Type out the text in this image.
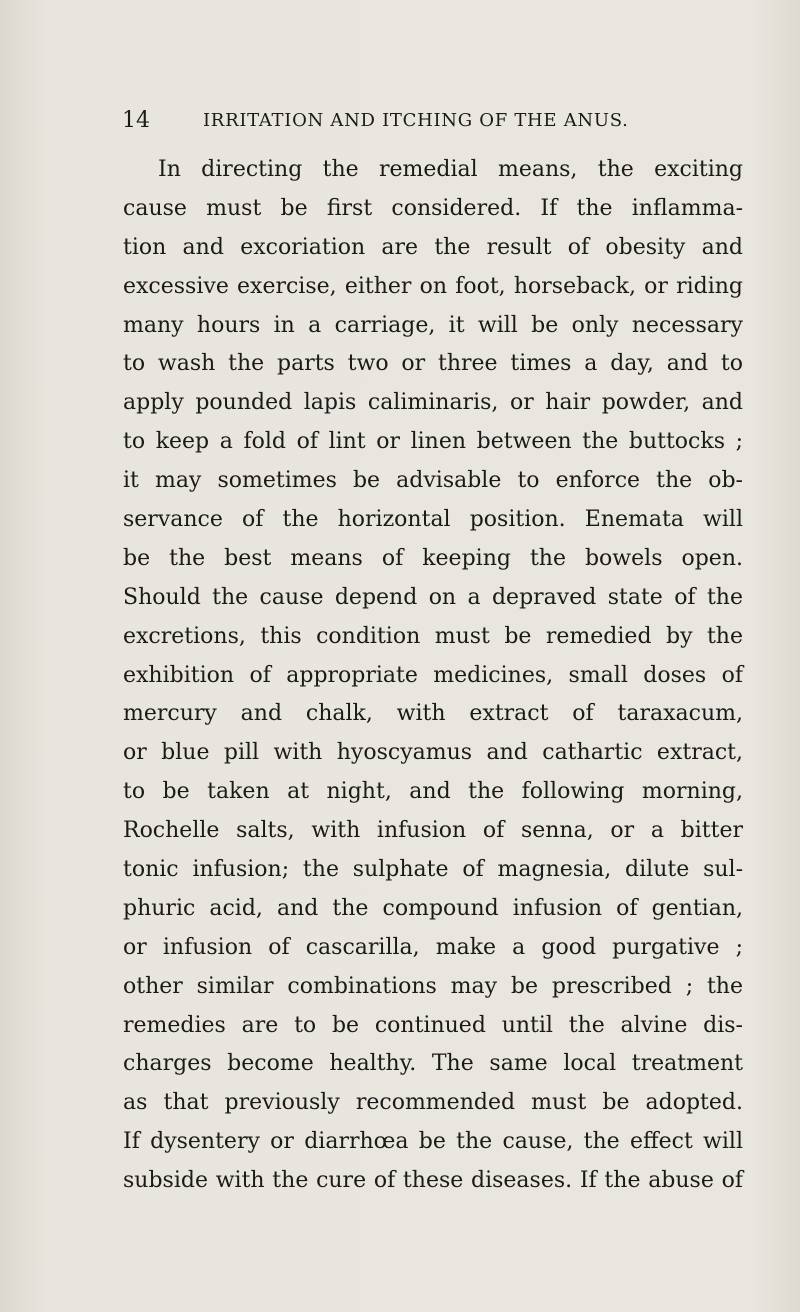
14	IRRITATION AND ITCHING OF THE ANUS.
In directing the remedial means, the exciting
cause must be first considered. If the inflamma-
tion and excoriation are the result of obesity and
excessive exercise, either on foot, horseback, or riding
many hours in a carriage, it will be only necessary
to wash the parts two or three times a day, and to
apply pounded lapis caliminaris, or hair powder, and
to keep a fold of lint or linen between the buttocks ;
it may sometimes be advisable to enforce the ob-
servance of the horizontal position. Enemata will
be the best means of keeping the bowels open.
Should the cause depend on a depraved state of the
excretions, this condition must be remedied by the
exhibition of appropriate medicines, small doses of
mercury and chalk, with extract of taraxacum,
or blue pill with hyoscyamus and cathartic extract,
to be taken at night, and the following morning,
Rochelle salts, with infusion of senna, or a bitter
tonic infusion; the sulphate of magnesia, dilute sul-
phuric acid, and the compound infusion of gentian,
or infusion of cascarilla, make a good purgative ;
other similar combinations may be prescribed ; the
remedies are to be continued until the alvine dis-
charges become healthy. The same local treatment
as that previously recommended must be adopted.
If dysentery or diarrhœa be the cause, the effect will
subside with the cure of these diseases. If the abuse of
